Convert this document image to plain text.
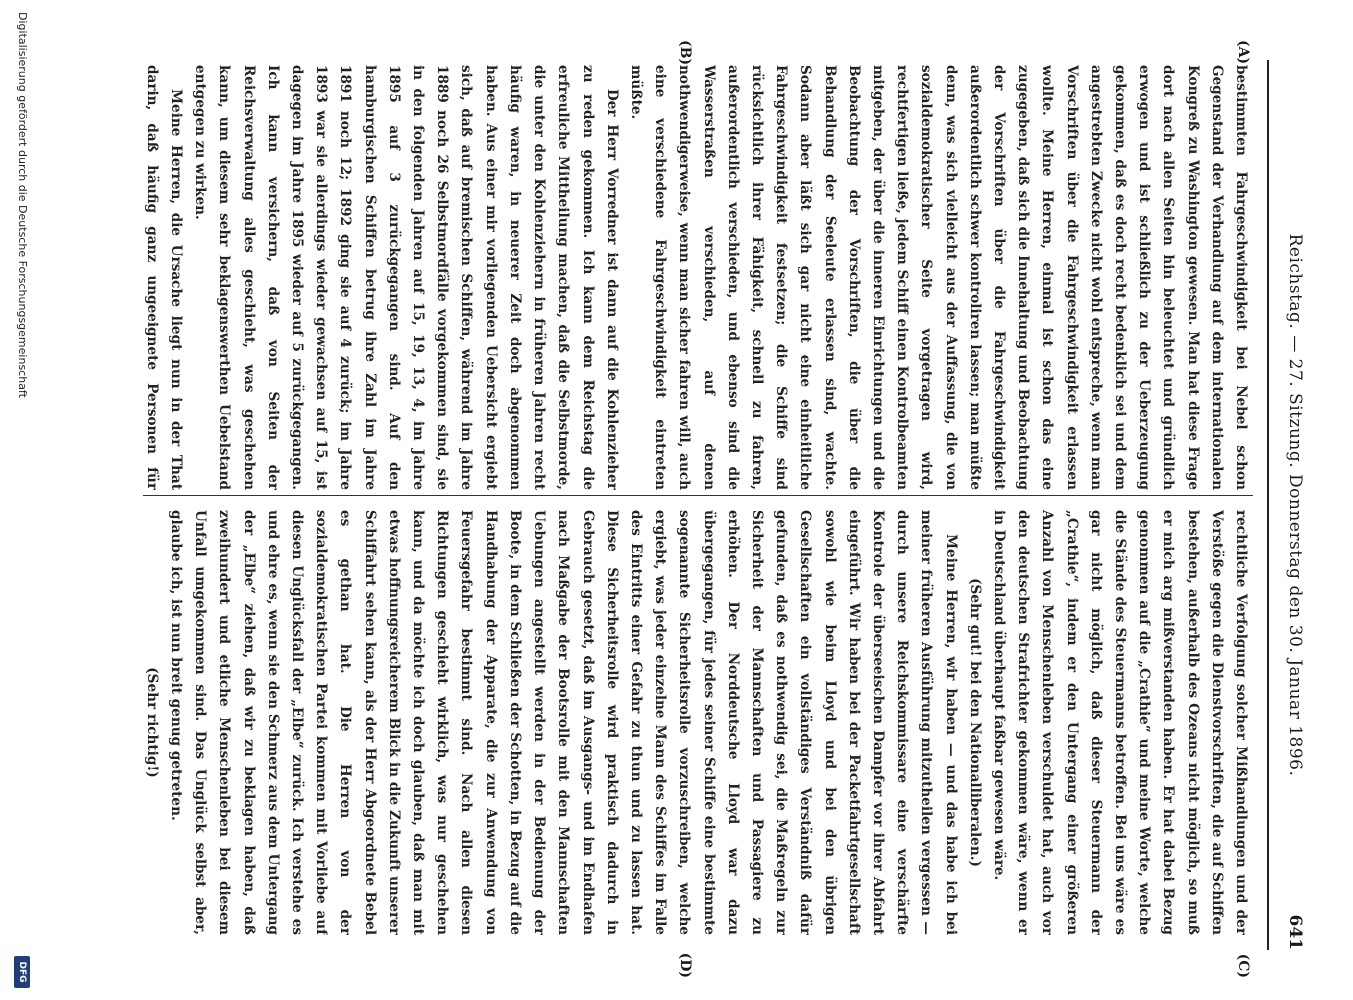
Reichstag. — 27. Sitzung. Donnerstag den 30. Januar 1896.
641
(A)
(B)
(C)
(D)

bestimmten Fahrgeschwindigkeit bei Nebel schon Gegenstand der Verhandlung auf dem internationalen Kongreß zu Washington gewesen. Man hat diese Frage dort nach allen Seiten hin beleuchtet und gründlich erwogen und ist schließlich zu der Ueberzeugung gekommen, daß es doch recht bedenklich sei und dem angestrebten Zwecke nicht wohl entspreche, wenn man Vorschriften über die Fahrgeschwindigkeit erlassen wollte. Meine Herren, einmal ist schon das eine zugegeben, daß sich die Innehaltung und Beobachtung der Vorschriften über die Fahrgeschwindigkeit außerordentlich schwer kontroliren lassen; man müßte denn, was sich vielleicht aus der Auffassung, die von sozialdemokratischer Seite vorgetragen wird, rechtfertigen ließe, jedem Schiff einen Kontrolbeamten mitgeben, der über die inneren Einrichtungen und die Beobachtung der Vorschriften, die über die Behandlung der Seeleute erlassen sind, wachte. Sodann aber läßt sich gar nicht eine einheitliche Fahrgeschwindigkeit festsetzen; die Schiffe sind rücksichtlich ihrer Fähigkeit, schnell zu fahren, außerordentlich verschieden, und ebenso sind die Wasserstraßen verschieden, auf denen nothwendigerweise, wenn man sicher fahren will, auch eine verschiedene Fahrgeschwindigkeit eintreten müßte.

Der Herr Vorredner ist dann auf die Kohlenzieher zu reden gekommen. Ich kann dem Reichstag die erfreuliche Mittheilung machen, daß die Selbstmorde, die unter den Kohlenziehern in früheren Jahren recht häufig waren, in neuerer Zeit doch abgenommen haben. Aus einer mir vorliegenden Uebersicht ergiebt sich, daß auf bremischen Schiffen, während im Jahre 1889 noch 26 Selbstmordfälle vorgekommen sind, sie in den folgenden Jahren auf 15, 19, 13, 4, im Jahre 1895 auf 3 zurückgegangen sind. Auf den hamburgischen Schiffen betrug ihre Zahl im Jahre 1891 noch 12; 1892 ging sie auf 4 zurück; im Jahre 1893 war sie allerdings wieder gewachsen auf 15, ist dagegen im Jahre 1895 wieder auf 5 zurückgegangen. Ich kann versichern, daß von Seiten der Reichsverwaltung alles geschieht, was geschehen kann, um diesem sehr beklagenswerthen Uebelstand entgegen zu wirken.

Meine Herren, die Ursache liegt nun in der That darin, daß häufig ganz ungeeignete Personen für

rechtliche Verfolgung solcher Mißhandlungen und der Verstöße gegen die Dienstvorschriften, die auf Schiffen bestehen, außerhalb des Ozeans nicht möglich, so muß er mich arg mißverstanden haben. Er hat dabei Bezug genommen auf die „Crathie“ und meine Worte, welche die Stände des Steuermanns betroffen. Bei uns wäre es gar nicht möglich, daß dieser Steuermann der „Crathie“, indem er den Untergang einer größeren Anzahl von Menschenleben verschuldet hat, auch vor den deutschen Strafrichter gekommen wäre, wenn er in Deutschland überhaupt faßbar gewesen wäre.

(Sehr gut! bei den Nationalliberalen.)

Meine Herren, wir haben — und das habe ich bei meiner früheren Ausführung mitzutheilen vergessen — durch unsere Reichskommissare eine verschärfte Kontrole der überseeischen Dampfer vor ihrer Abfahrt eingeführt. Wir haben bei der Packetfahrtgesellschaft sowohl wie beim Lloyd und bei den übrigen Gesellschaften ein vollständiges Verständniß dafür gefunden, daß es nothwendig sei, die Maßregeln zur Sicherheit der Mannschaften und Passagiere zu erhöhen. Der Norddeutsche Lloyd war dazu übergegangen, für jedes seiner Schiffe eine bestimmte sogenannte Sicherheitsrolle vorzuschreiben, welche ergiebt, was jeder einzelne Mann des Schiffes im Falle des Eintritts einer Gefahr zu thun und zu lassen hat. Diese Sicherheitsrolle wird praktisch dadurch in Gebrauch gesetzt, daß im Ausgangs- und im Endhafen nach Maßgabe der Bootsrolle mit den Mannschaften Uebungen angestellt werden in der Bedienung der Boote, in dem Schließen der Schotten, in Bezug auf die Handhabung der Apparate, die zur Anwendung von Feuersgefahr bestimmt sind. Nach allen diesen Richtungen geschieht wirklich, was nur geschehen kann, und da möchte ich doch glauben, daß man mit etwas hoffnungsreicherem Blick in die Zukunft unserer Schiffahrt sehen kann, als der Herr Abgeordnete Bebel es gethan hat. Die Herren von der sozialdemokratischen Partei kommen mit Vorliebe auf diesen Unglücksfall der „Elbe“ zurück. Ich verstehe es und ehre es, wenn sie den Schmerz aus dem Untergang der „Elbe“ ziehen, daß wir zu beklagen haben, daß zweihundert und etliche Menschenleben bei diesem Unfall umgekommen sind. Das Unglück selbst aber, glaube ich, ist nun breit genug getreten.

(Sehr richtig!)

Digitalisierung gefördert durch die Deutsche Forschungsgemeinschaft
DFG
